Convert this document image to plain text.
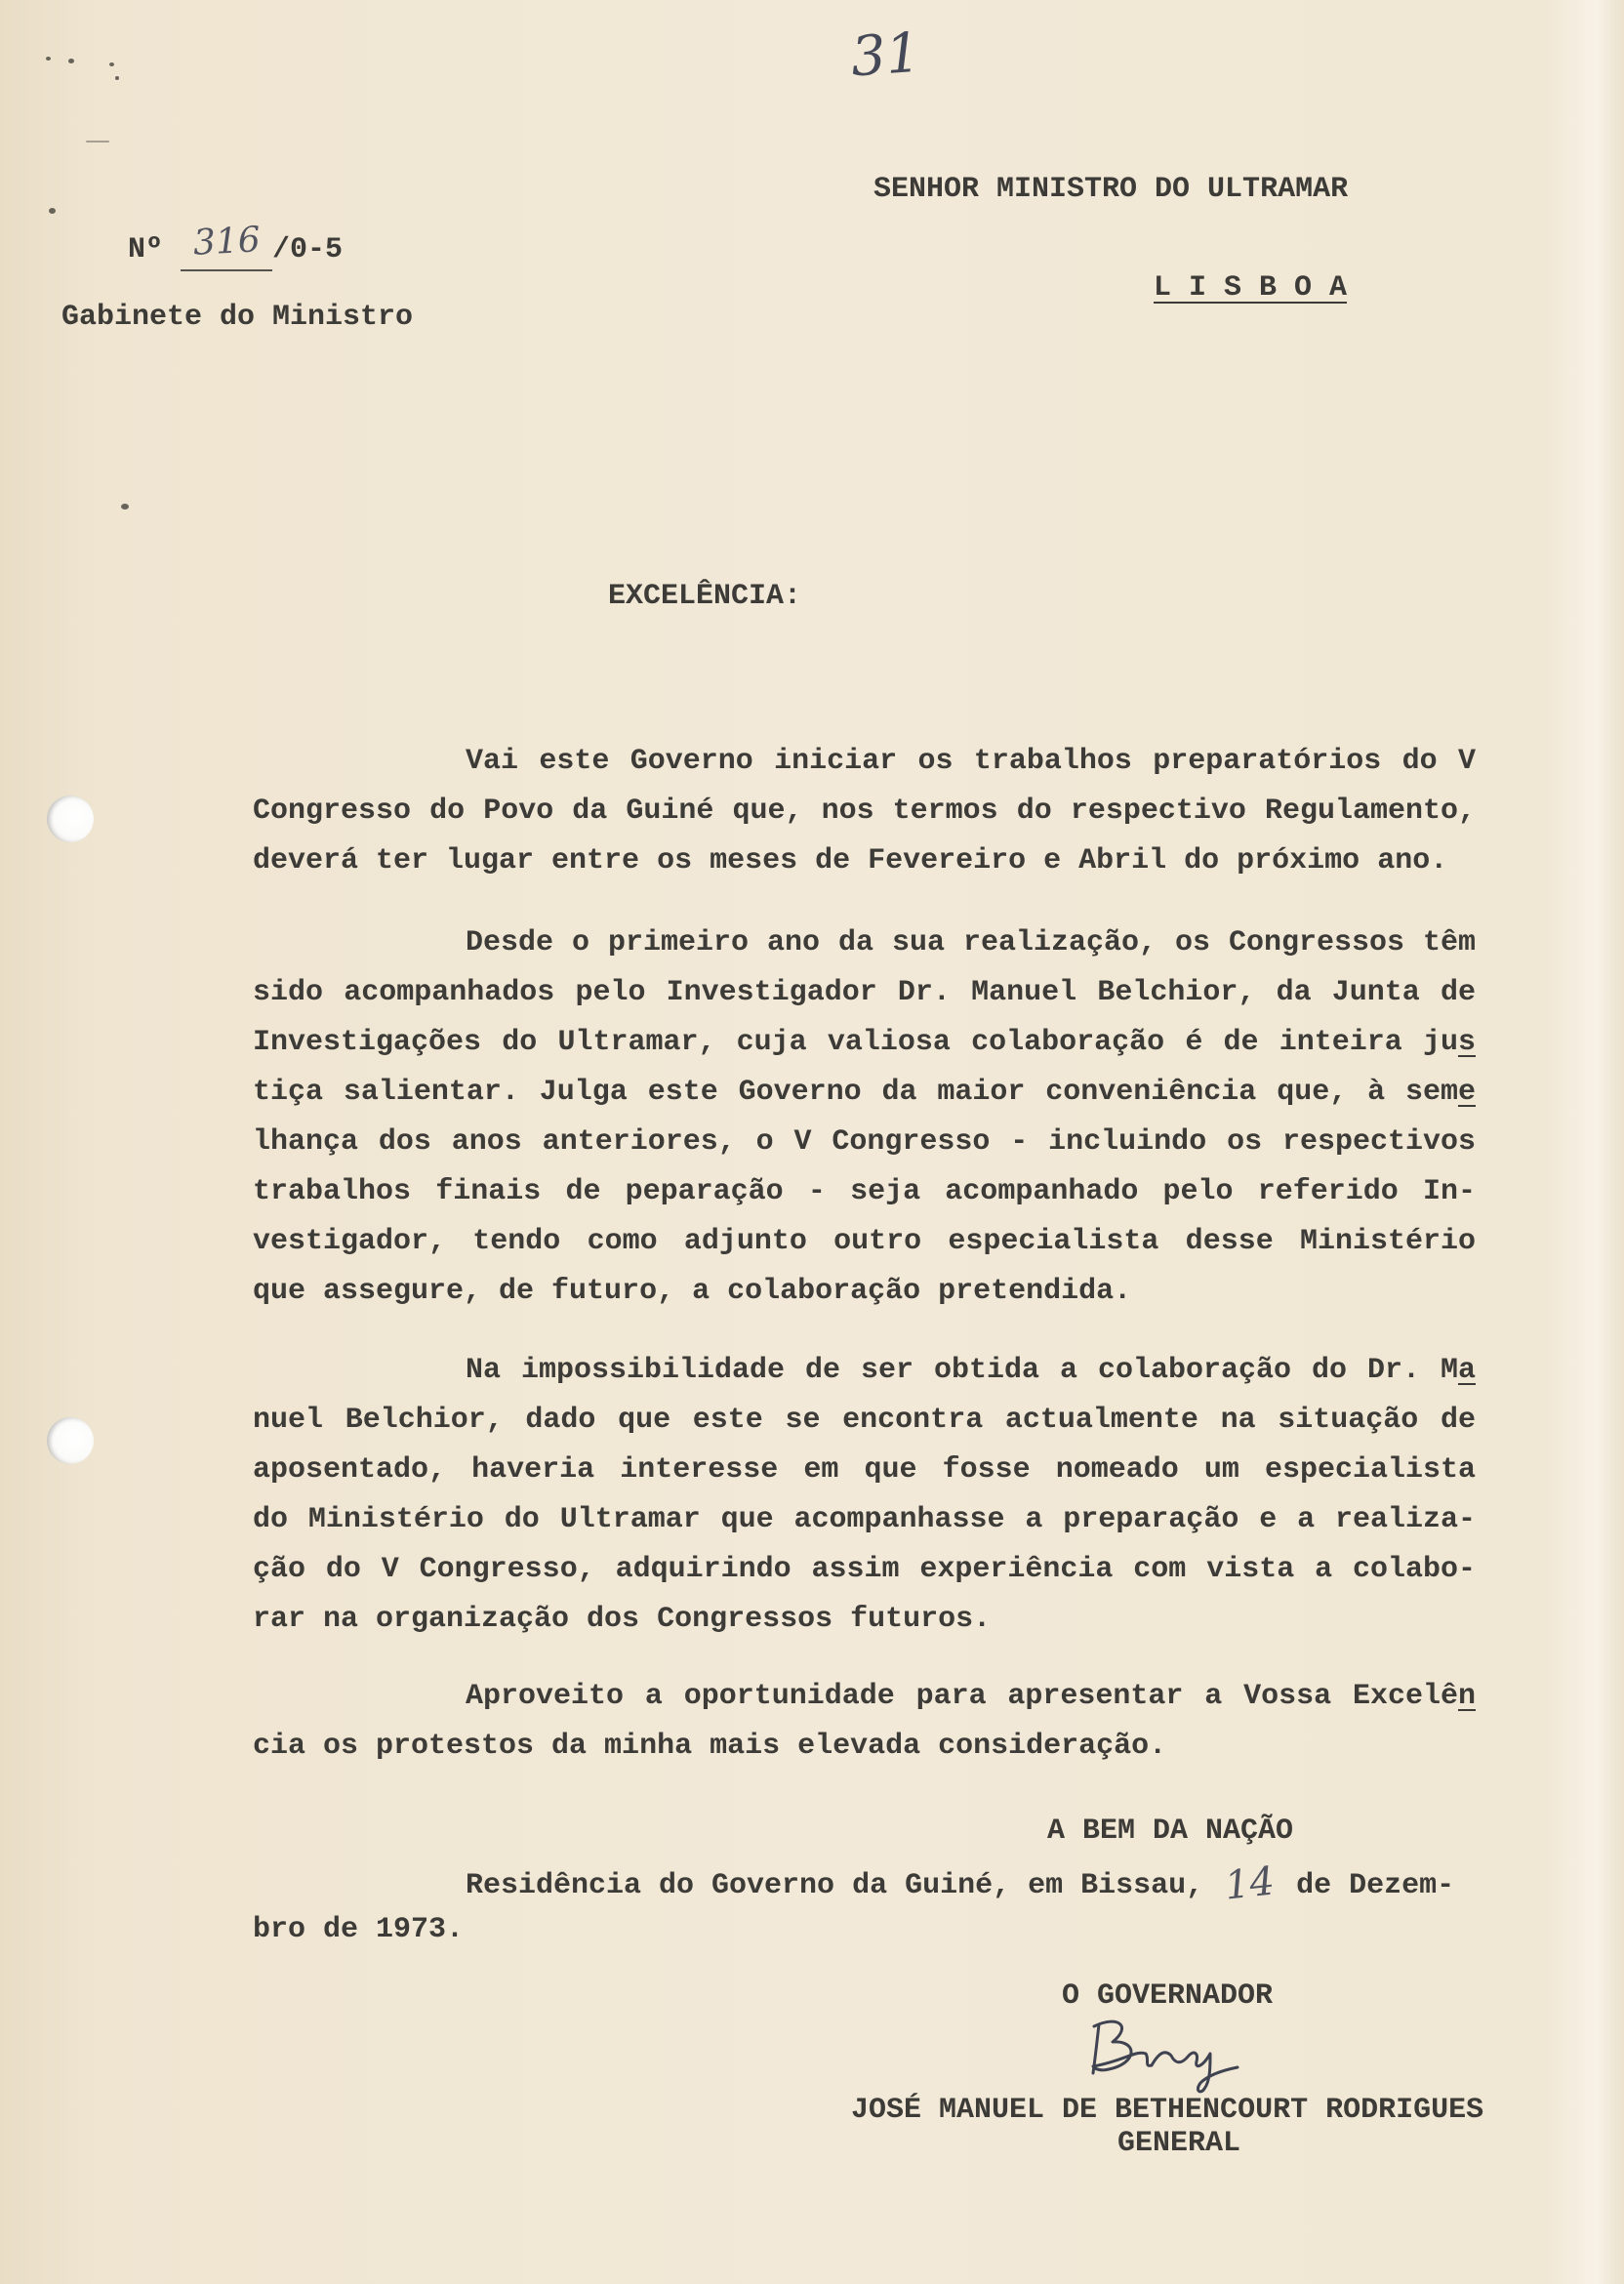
31
SENHOR MINISTRO DO ULTRAMAR
L I S B O A
Nº 316 /0-5
Gabinete do Ministro
EXCELÊNCIA:
Vai este Governo iniciar os trabalhos preparatórios do V
Congresso do Povo da Guiné que, nos termos do respectivo Regulamento,
deverá ter lugar entre os meses de Fevereiro e Abril do próximo ano.
Desde o primeiro ano da sua realização, os Congressos têm
sido acompanhados pelo Investigador Dr. Manuel Belchior, da Junta de
Investigações do Ultramar, cuja valiosa colaboração é de inteira jus
tiça salientar. Julga este Governo da maior conveniência que, à seme
lhança dos anos anteriores, o V Congresso - incluindo os respectivos
trabalhos finais de peparação - seja acompanhado pelo referido In-
vestigador, tendo como adjunto outro especialista desse Ministério
que assegure, de futuro, a colaboração pretendida.
Na impossibilidade de ser obtida a colaboração do Dr. Ma
nuel Belchior, dado que este se encontra actualmente na situação de
aposentado, haveria interesse em que fosse nomeado um especialista
do Ministério do Ultramar que acompanhasse a preparação e a realiza-
ção do V Congresso, adquirindo assim experiência com vista a colabo-
rar na organização dos Congressos futuros.
Aproveito a oportunidade para apresentar a Vossa Excelên
cia os protestos da minha mais elevada consideração.
A BEM DA NAÇÃO
Residência do Governo da Guiné, em Bissau, 14 de Dezem-
bro de 1973.
O GOVERNADOR
JOSÉ MANUEL DE BETHENCOURT RODRIGUES
GENERAL
